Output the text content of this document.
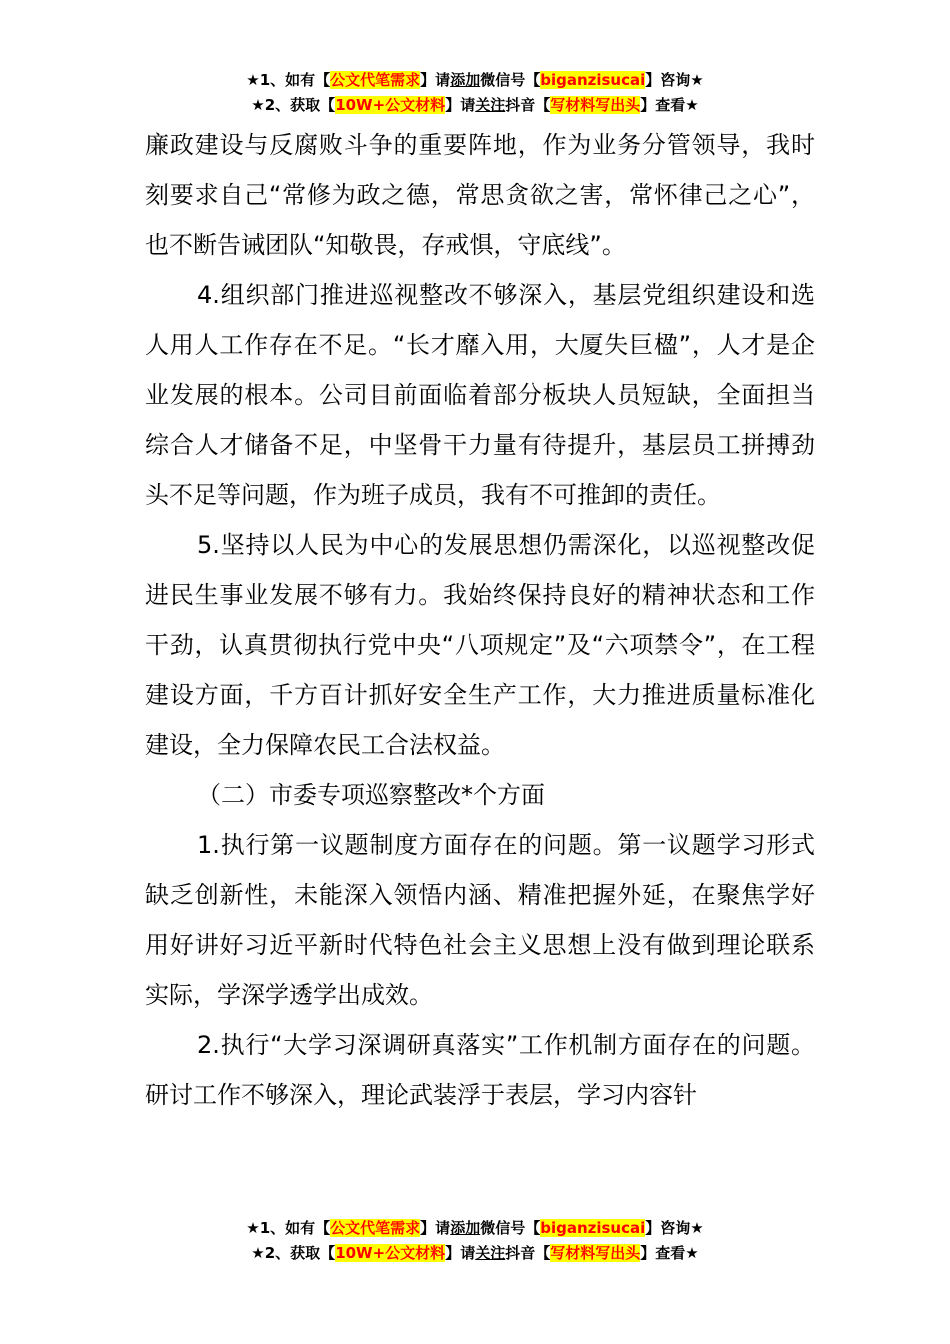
★1、如有【公文代笔需求】请添加微信号【biganzisucai】咨询★
★2、获取【10W+公文材料】请关注抖音【写材料写出头】查看★

廉政建设与反腐败斗争的重要阵地，作为业务分管领导，我时刻要求自己“常修为政之德，常思贪欲之害，常怀律己之心”，也不断告诫团队“知敬畏，存戒惧，守底线”。

4.组织部门推进巡视整改不够深入，基层党组织建设和选人用人工作存在不足。“长才靡入用，大厦失巨楹”，人才是企业发展的根本。公司目前面临着部分板块人员短缺，全面担当综合人才储备不足，中坚骨干力量有待提升，基层员工拼搏劲头不足等问题，作为班子成员，我有不可推卸的责任。

5.坚持以人民为中心的发展思想仍需深化，以巡视整改促进民生事业发展不够有力。我始终保持良好的精神状态和工作干劲，认真贯彻执行党中央“八项规定”及“六项禁令”，在工程建设方面，千方百计抓好安全生产工作，大力推进质量标准化建设，全力保障农民工合法权益。

（二）市委专项巡察整改*个方面

1.执行第一议题制度方面存在的问题。第一议题学习形式缺乏创新性，未能深入领悟内涵、精准把握外延，在聚焦学好用好讲好习近平新时代特色社会主义思想上没有做到理论联系实际，学深学透学出成效。

2.执行“大学习深调研真落实”工作机制方面存在的问题。研讨工作不够深入，理论武装浮于表层，学习内容针

★1、如有【公文代笔需求】请添加微信号【biganzisucai】咨询★
★2、获取【10W+公文材料】请关注抖音【写材料写出头】查看★
